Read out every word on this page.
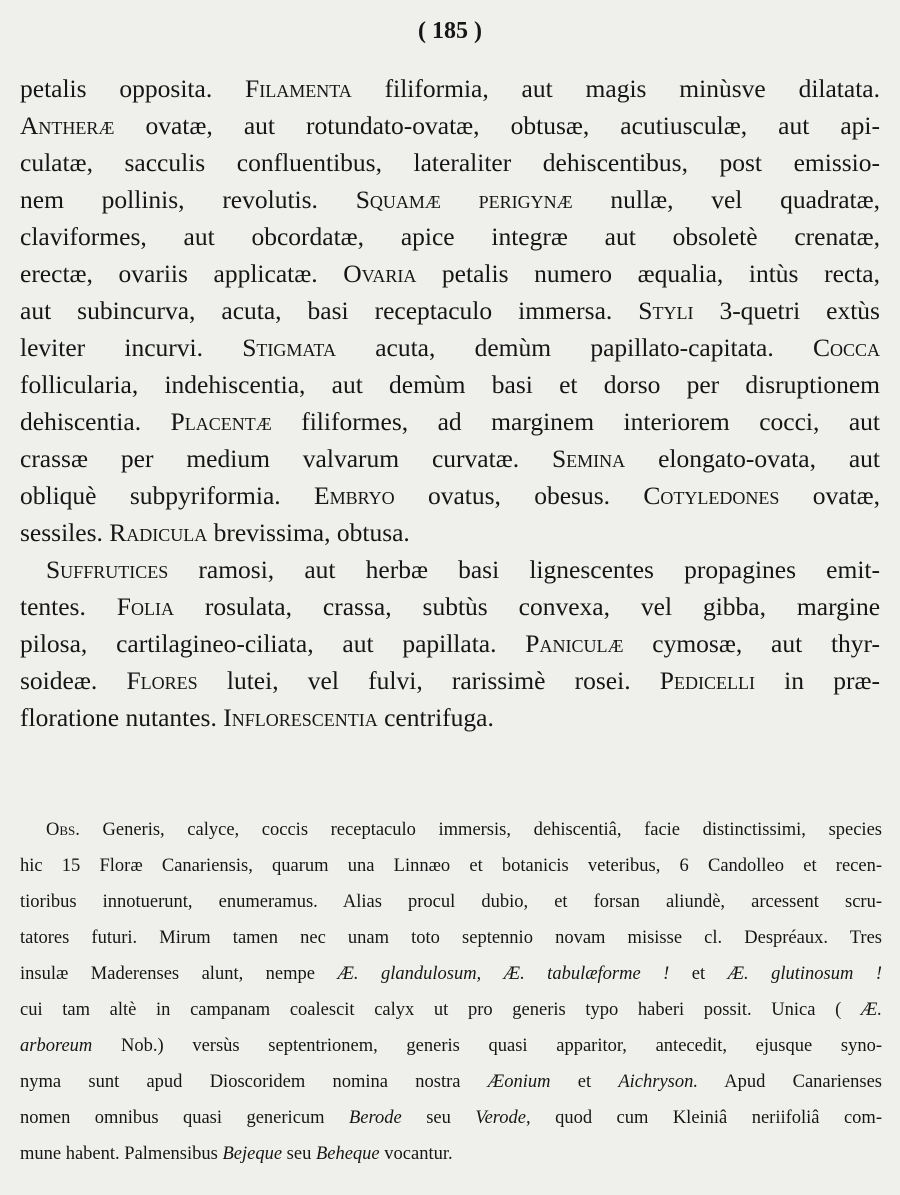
( 185 )
petalis opposita. Filamenta filiformia, aut magis minùsve dilatata.
Antheræ ovatæ, aut rotundato-ovatæ, obtusæ, acutiusculæ, aut api-
culatæ, sacculis confluentibus, lateraliter dehiscentibus, post emissio-
nem pollinis, revolutis. Squamæ perigynæ nullæ, vel quadratæ,
claviformes, aut obcordatæ, apice integræ aut obsoletè crenatæ,
erectæ, ovariis applicatæ. Ovaria petalis numero æqualia, intùs recta,
aut subincurva, acuta, basi receptaculo immersa. Styli 3-quetri extùs
leviter incurvi. Stigmata acuta, demùm papillato-capitata. Cocca
follicularia, indehiscentia, aut demùm basi et dorso per disruptionem
dehiscentia. Placentæ filiformes, ad marginem interiorem cocci, aut
crassæ per medium valvarum curvatæ. Semina elongato-ovata, aut
obliquè subpyriformia. Embryo ovatus, obesus. Cotyledones ovatæ,
sessiles. Radicula brevissima, obtusa.
Suffrutices ramosi, aut herbæ basi lignescentes propagines emit-
tentes. Folia rosulata, crassa, subtùs convexa, vel gibba, margine
pilosa, cartilagineo-ciliata, aut papillata. Paniculæ cymosæ, aut thyr-
soideæ. Flores lutei, vel fulvi, rarissimè rosei. Pedicelli in præ-
floratione nutantes. Inflorescentia centrifuga.
Obs. Generis, calyce, coccis receptaculo immersis, dehiscentiâ, facie distinctissimi, species
hic 15 Floræ Canariensis, quarum una Linnæo et botanicis veteribus, 6 Candolleo et recen-
tioribus innotuerunt, enumeramus. Alias procul dubio, et forsan aliundè, arcessent scru-
tatores futuri. Mirum tamen nec unam toto septennio novam misisse cl. Despréaux. Tres
insulæ Maderenses alunt, nempe Æ. glandulosum, Æ. tabulæforme ! et Æ. glutinosum !
cui tam altè in campanam coalescit calyx ut pro generis typo haberi possit. Unica ( Æ.
arboreum Nob.) versùs septentrionem, generis quasi apparitor, antecedit, ejusque syno-
nyma sunt apud Dioscoridem nomina nostra Æonium et Aichryson. Apud Canarienses
nomen omnibus quasi genericum Berode seu Verode, quod cum Kleiniâ neriifoliâ com-
mune habent. Palmensibus Bejeque seu Beheque vocantur.
